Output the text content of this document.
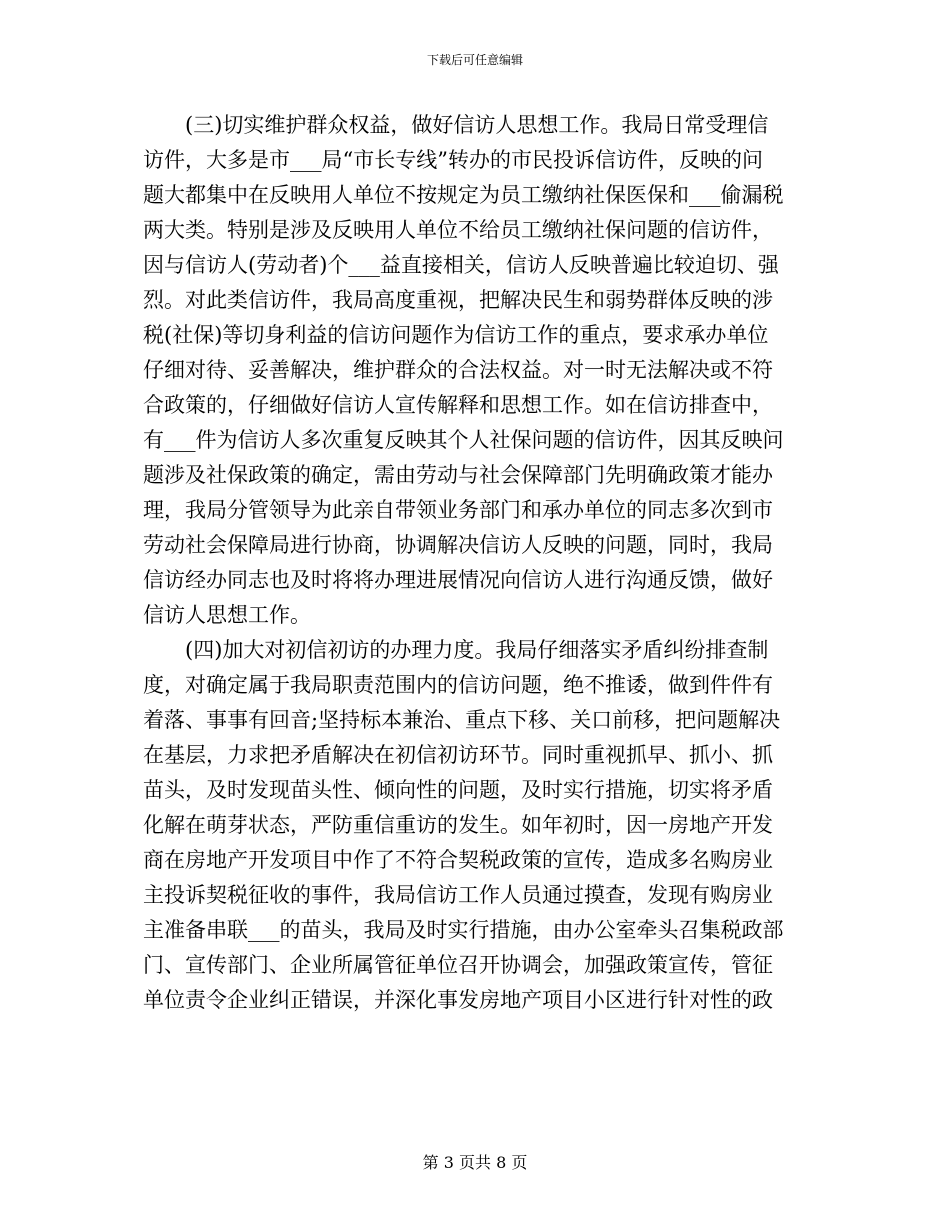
下载后可任意编辑
　　(三)切实维护群众权益，做好信访人思想工作。我局日常受理信
访件，大多是市___局“市长专线”转办的市民投诉信访件，反映的问
题大都集中在反映用人单位不按规定为员工缴纳社保医保和___偷漏税
两大类。特别是涉及反映用人单位不给员工缴纳社保问题的信访件，
因与信访人(劳动者)个___益直接相关，信访人反映普遍比较迫切、强
烈。对此类信访件，我局高度重视，把解决民生和弱势群体反映的涉
税(社保)等切身利益的信访问题作为信访工作的重点，要求承办单位
仔细对待、妥善解决，维护群众的合法权益。对一时无法解决或不符
合政策的，仔细做好信访人宣传解释和思想工作。如在信访排查中，
有___件为信访人多次重复反映其个人社保问题的信访件，因其反映问
题涉及社保政策的确定，需由劳动与社会保障部门先明确政策才能办
理，我局分管领导为此亲自带领业务部门和承办单位的同志多次到市
劳动社会保障局进行协商，协调解决信访人反映的问题，同时，我局
信访经办同志也及时将将办理进展情况向信访人进行沟通反馈，做好
信访人思想工作。
　　(四)加大对初信初访的办理力度。我局仔细落实矛盾纠纷排查制
度，对确定属于我局职责范围内的信访问题，绝不推诿，做到件件有
着落、事事有回音;坚持标本兼治、重点下移、关口前移，把问题解决
在基层，力求把矛盾解决在初信初访环节。同时重视抓早、抓小、抓
苗头，及时发现苗头性、倾向性的问题，及时实行措施，切实将矛盾
化解在萌芽状态，严防重信重访的发生。如年初时，因一房地产开发
商在房地产开发项目中作了不符合契税政策的宣传，造成多名购房业
主投诉契税征收的事件，我局信访工作人员通过摸查，发现有购房业
主准备串联___的苗头，我局及时实行措施，由办公室牵头召集税政部
门、宣传部门、企业所属管征单位召开协调会，加强政策宣传，管征
单位责令企业纠正错误，并深化事发房地产项目小区进行针对性的政
第 3 页共 8 页
